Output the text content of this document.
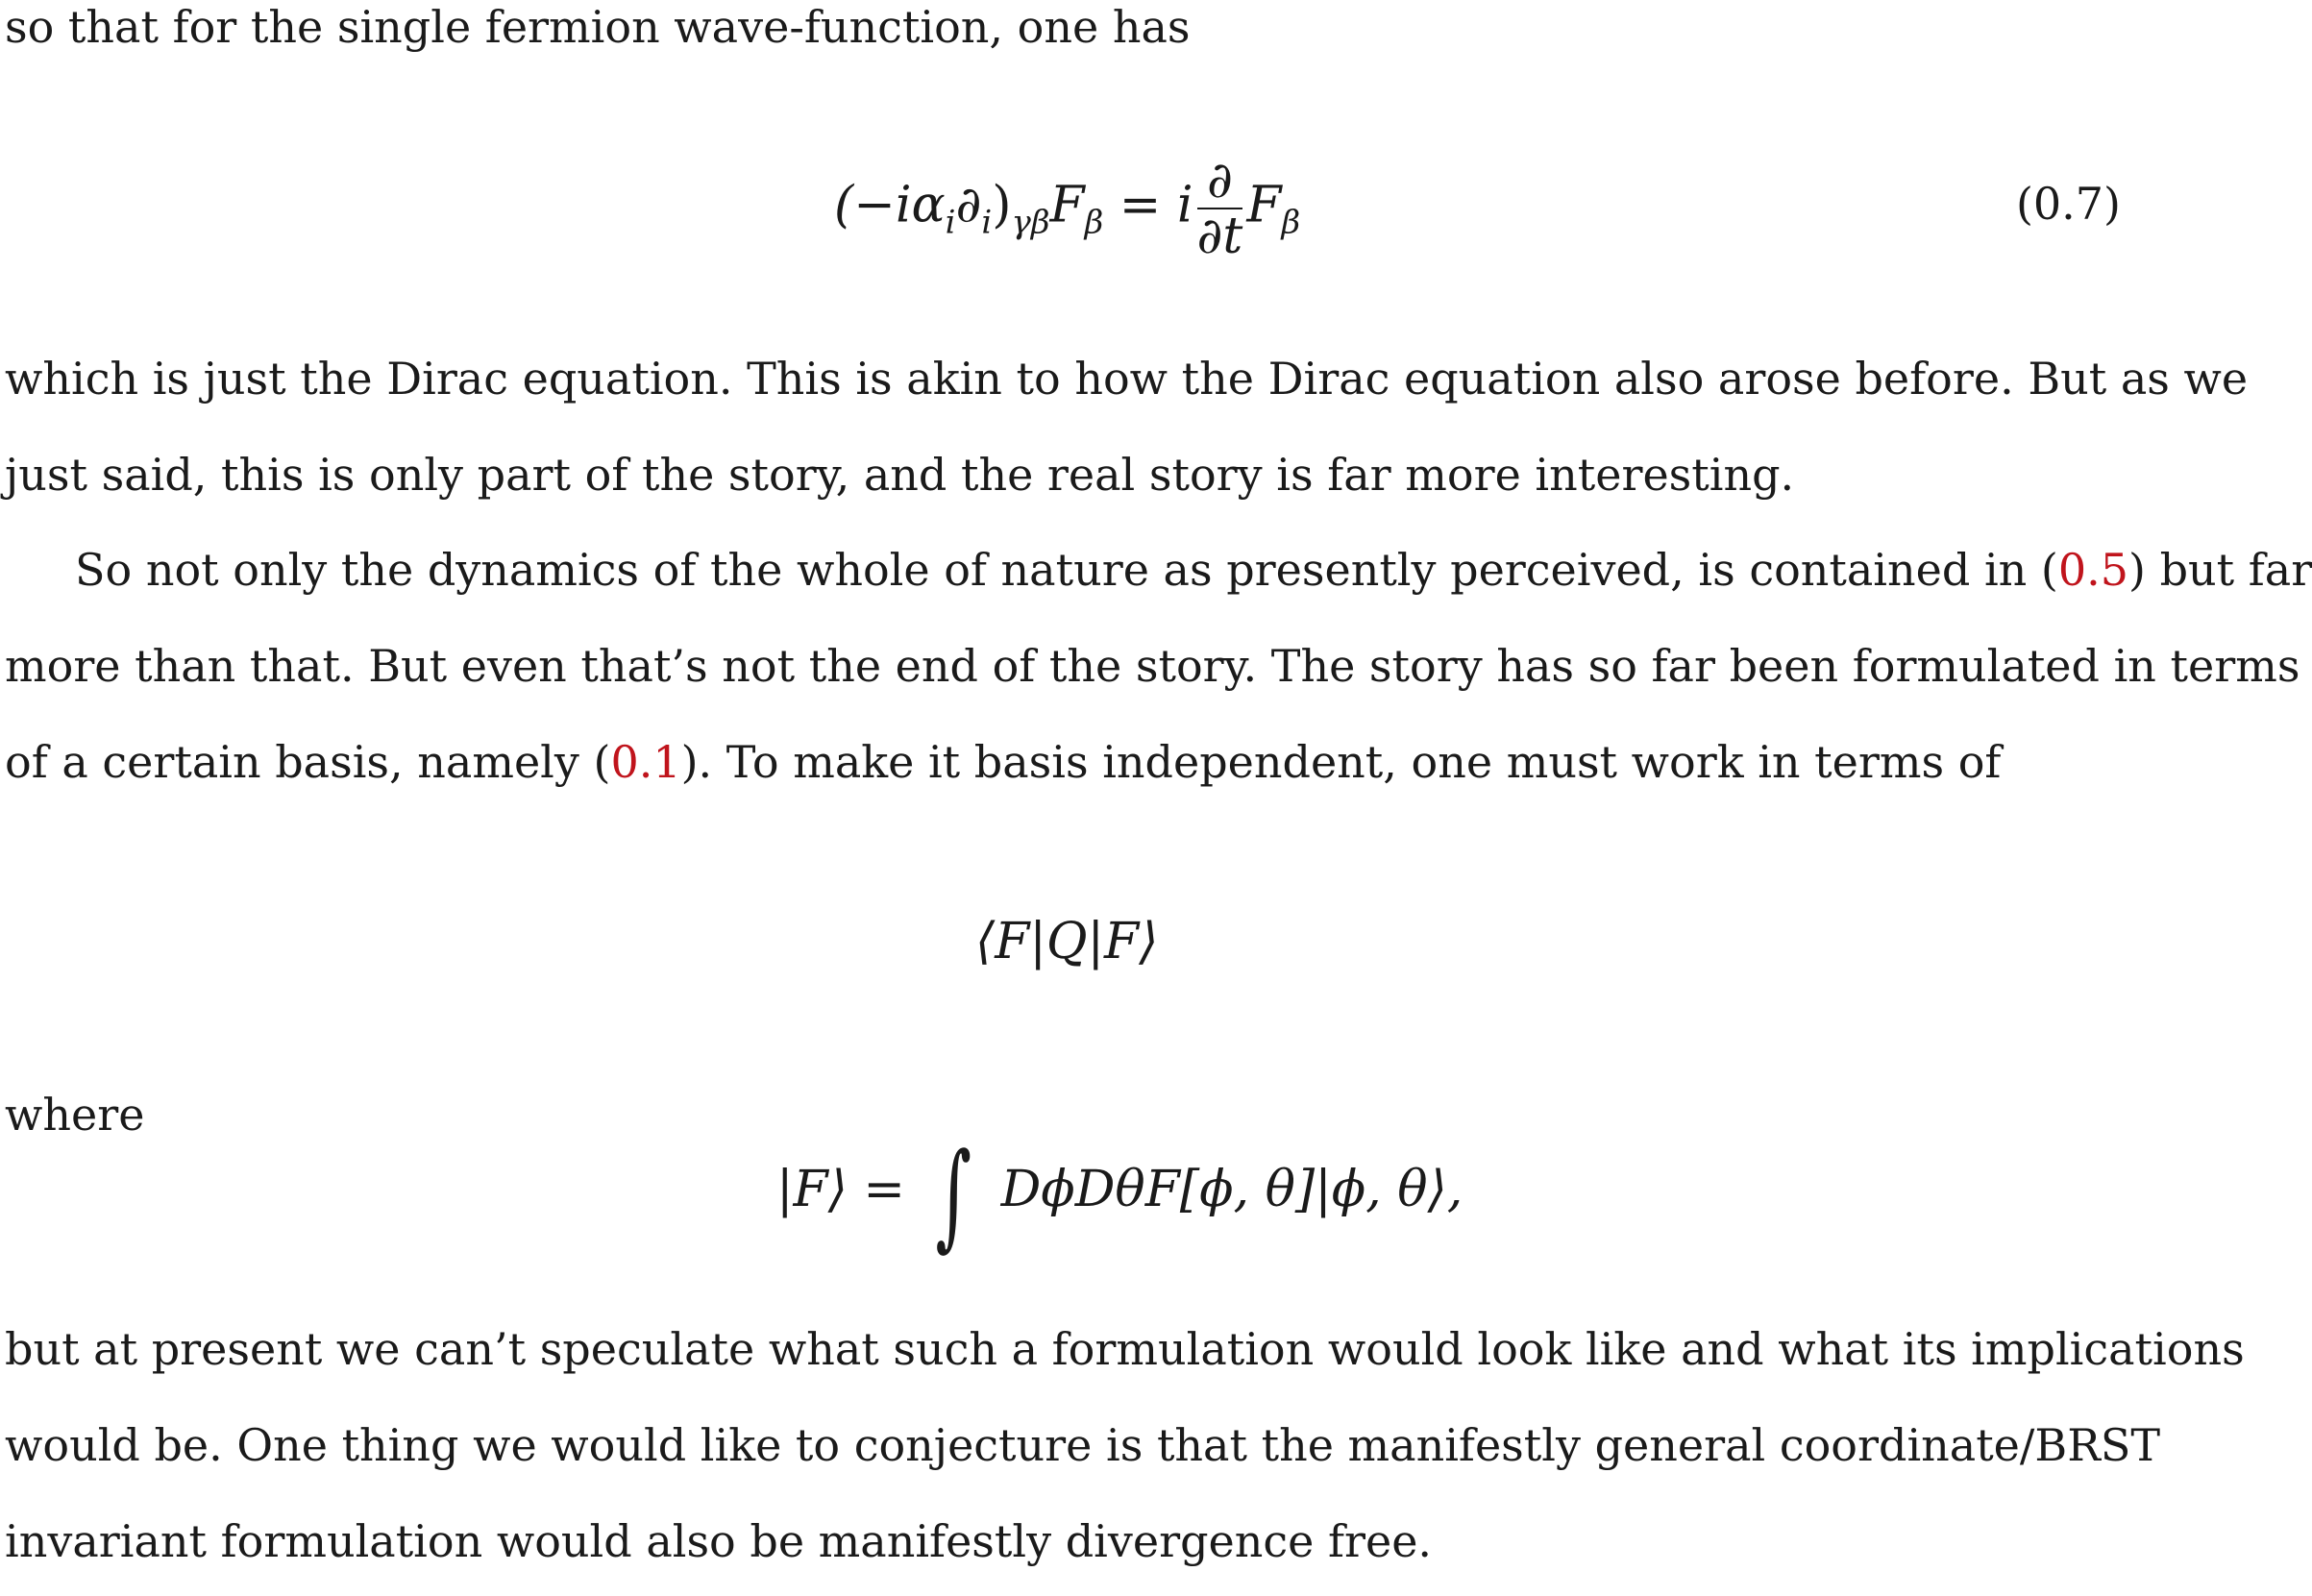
so that for the single fermion wave-function, one has
$(-i\alpha_i\partial_i)_{\gamma\beta}F_\beta = i \frac{\partial}{\partial t} F_\beta$	(0.7)
which is just the Dirac equation. This is akin to how the Dirac equation also arose before. But as we
just said, this is only part of the story, and the real story is far more interesting.
So not only the dynamics of the whole of nature as presently perceived, is contained in (0.5) but far
more than that. But even that’s not the end of the story. The story has so far been formulated in terms
of a certain basis, namely (0.1). To make it basis independent, one must work in terms of
⟨F|Q|F⟩
where
|F⟩ = ∫ DϕDθF[ϕ, θ]|ϕ, θ⟩,
but at present we can’t speculate what such a formulation would look like and what its implications
would be. One thing we would like to conjecture is that the manifestly general coordinate/BRST
invariant formulation would also be manifestly divergence free.
